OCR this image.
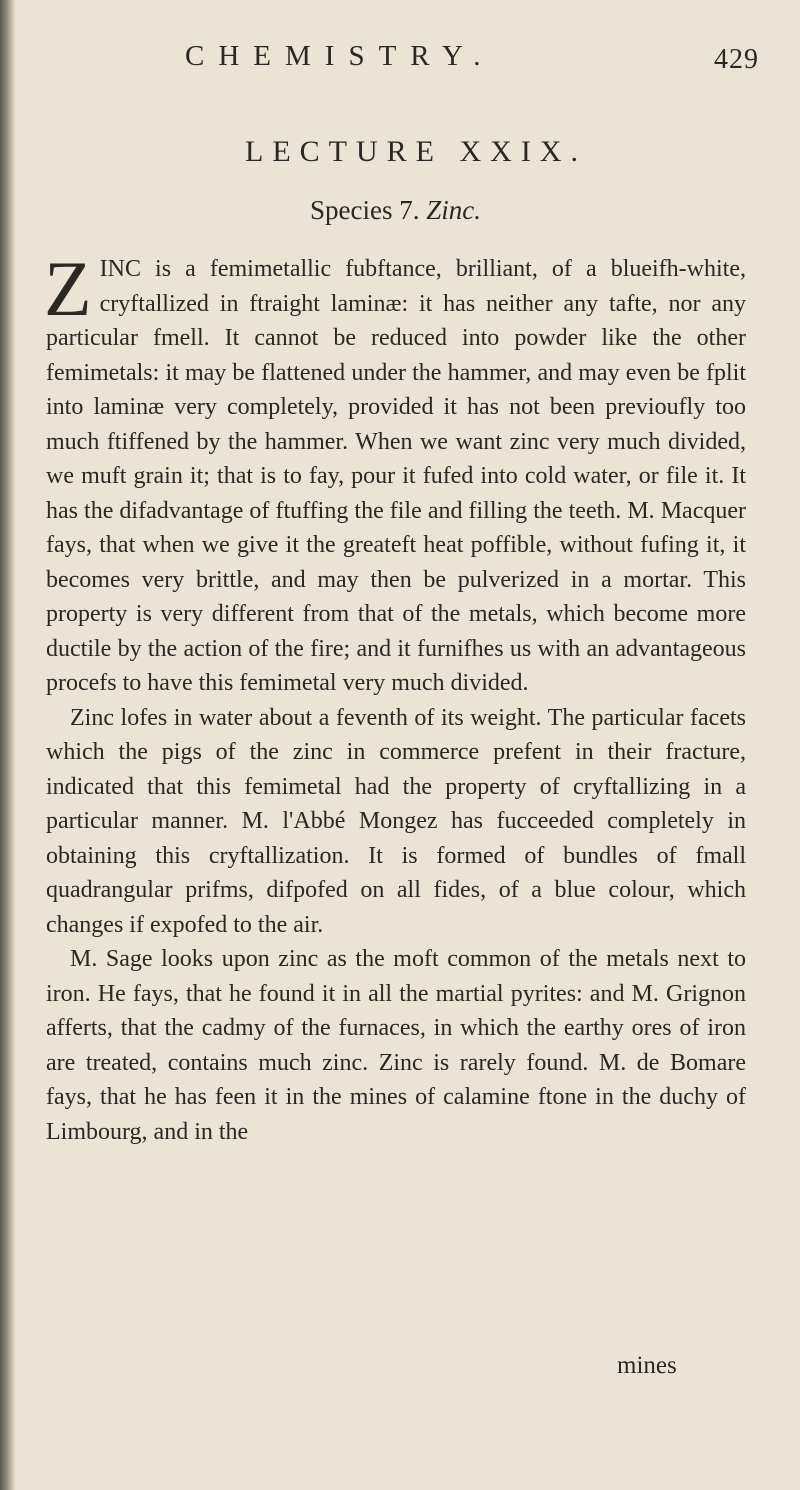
CHEMISTRY.	429
LECTURE XXIX.
Species 7. Zinc.

ZINC is a femimetallic fubftance, brilliant, of a blueifh-white, cryftallized in ftraight laminæ: it has neither any tafte, nor any particular fmell. It cannot be reduced into powder like the other femimetals: it may be flattened under the hammer, and may even be fplit into laminæ very completely, provided it has not been previoufly too much ftiffened by the hammer. When we want zinc very much divided, we muft grain it; that is to fay, pour it fufed into cold water, or file it. It has the difadvantage of ftuffing the file and filling the teeth. M. Macquer fays, that when we give it the greateft heat poffible, without fufing it, it becomes very brittle, and may then be pulverized in a mortar. This property is very different from that of the metals, which become more ductile by the action of the fire; and it furnifhes us with an advantageous procefs to have this femimetal very much divided.

Zinc lofes in water about a feventh of its weight. The particular facets which the pigs of the zinc in commerce prefent in their fracture, indicated that this femimetal had the property of cryftallizing in a particular manner. M. l'Abbé Mongez has fucceeded completely in obtaining this cryftallization. It is formed of bundles of fmall quadrangular prifms, difpofed on all fides, of a blue colour, which changes if expofed to the air.

M. Sage looks upon zinc as the moft common of the metals next to iron. He fays, that he found it in all the martial pyrites: and M. Grignon afferts, that the cadmy of the furnaces, in which the earthy ores of iron are treated, contains much zinc. Zinc is rarely found. M. de Bomare fays, that he has feen it in the mines of calamine ftone in the duchy of Limbourg, and in the

mines
